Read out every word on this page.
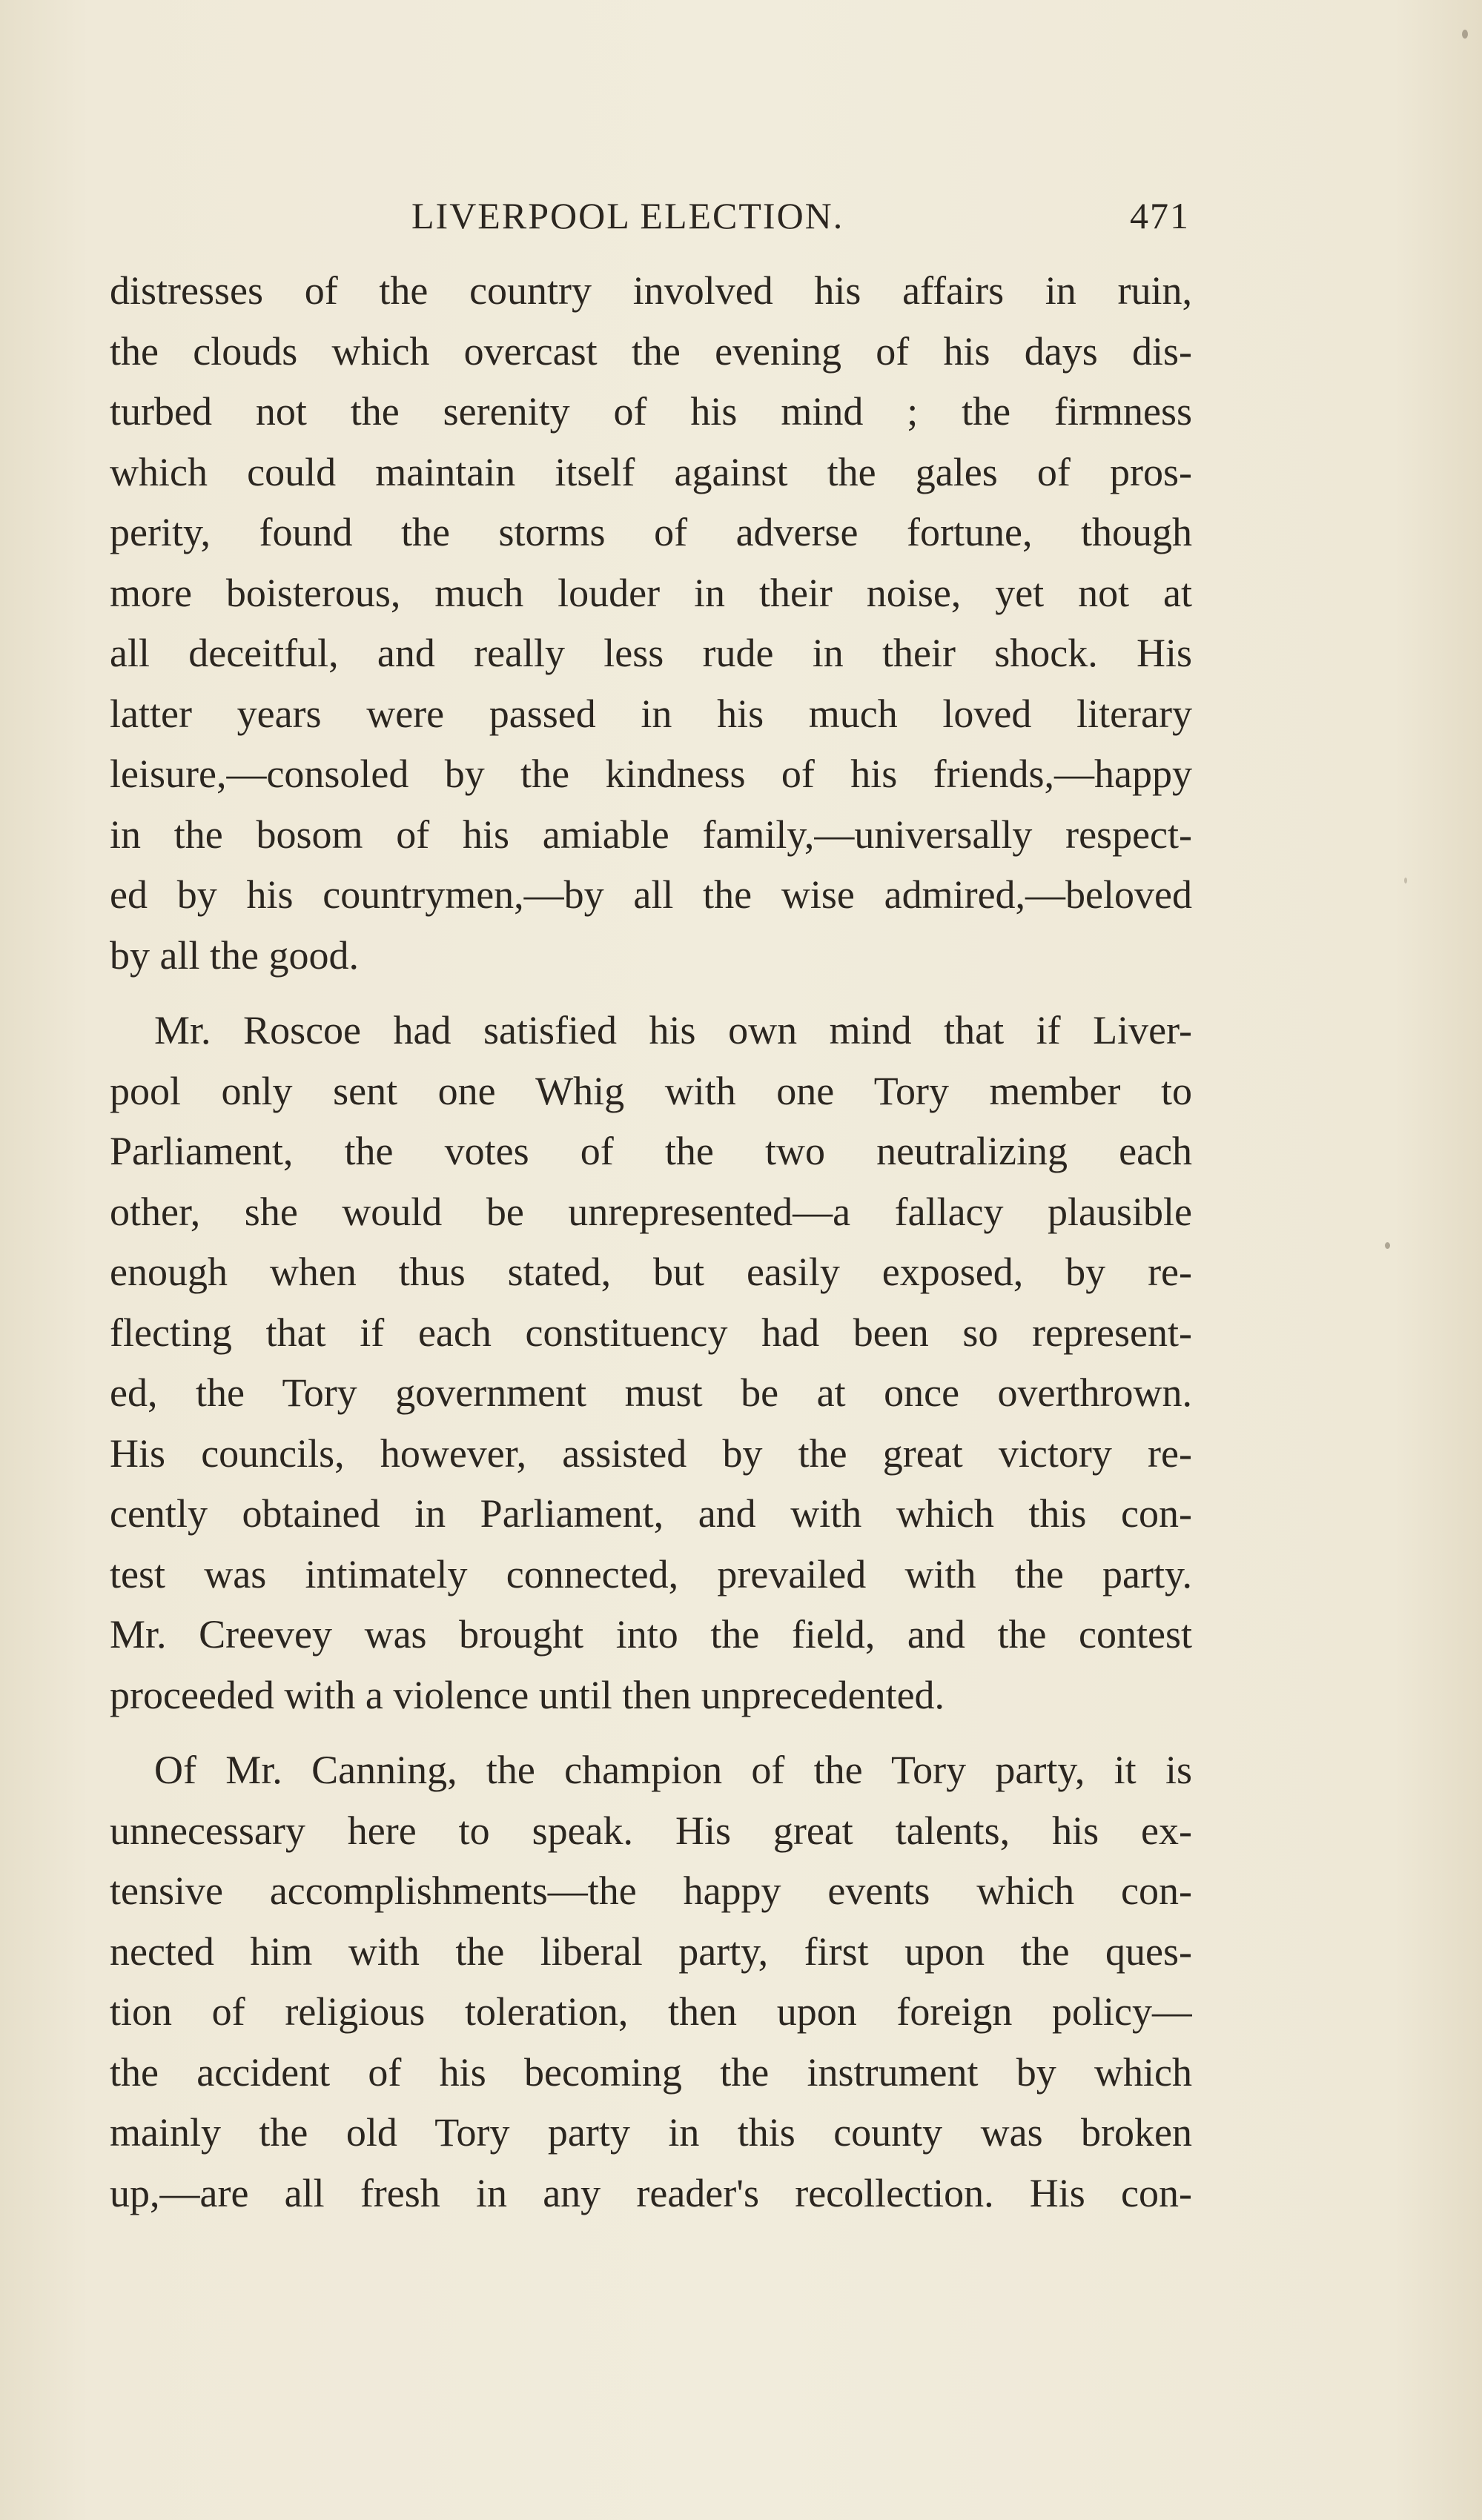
LIVERPOOL ELECTION.	471
distresses of the country involved his affairs in ruin,
the clouds which overcast the evening of his days dis-
turbed not the serenity of his mind ; the firmness
which could maintain itself against the gales of pros-
perity, found the storms of adverse fortune, though
more boisterous, much louder in their noise, yet not at
all deceitful, and really less rude in their shock. His
latter years were passed in his much loved literary
leisure,—consoled by the kindness of his friends,—happy
in the bosom of his amiable family,—universally respect-
ed by his countrymen,—by all the wise admired,—beloved
by all the good.
Mr. Roscoe had satisfied his own mind that if Liver-
pool only sent one Whig with one Tory member to
Parliament, the votes of the two neutralizing each
other, she would be unrepresented—a fallacy plausible
enough when thus stated, but easily exposed, by re-
flecting that if each constituency had been so represent-
ed, the Tory government must be at once overthrown.
His councils, however, assisted by the great victory re-
cently obtained in Parliament, and with which this con-
test was intimately connected, prevailed with the party.
Mr. Creevey was brought into the field, and the contest
proceeded with a violence until then unprecedented.
Of Mr. Canning, the champion of the Tory party, it is
unnecessary here to speak. His great talents, his ex-
tensive accomplishments—the happy events which con-
nected him with the liberal party, first upon the ques-
tion of religious toleration, then upon foreign policy—
the accident of his becoming the instrument by which
mainly the old Tory party in this county was broken
up,—are all fresh in any reader's recollection. His con-
